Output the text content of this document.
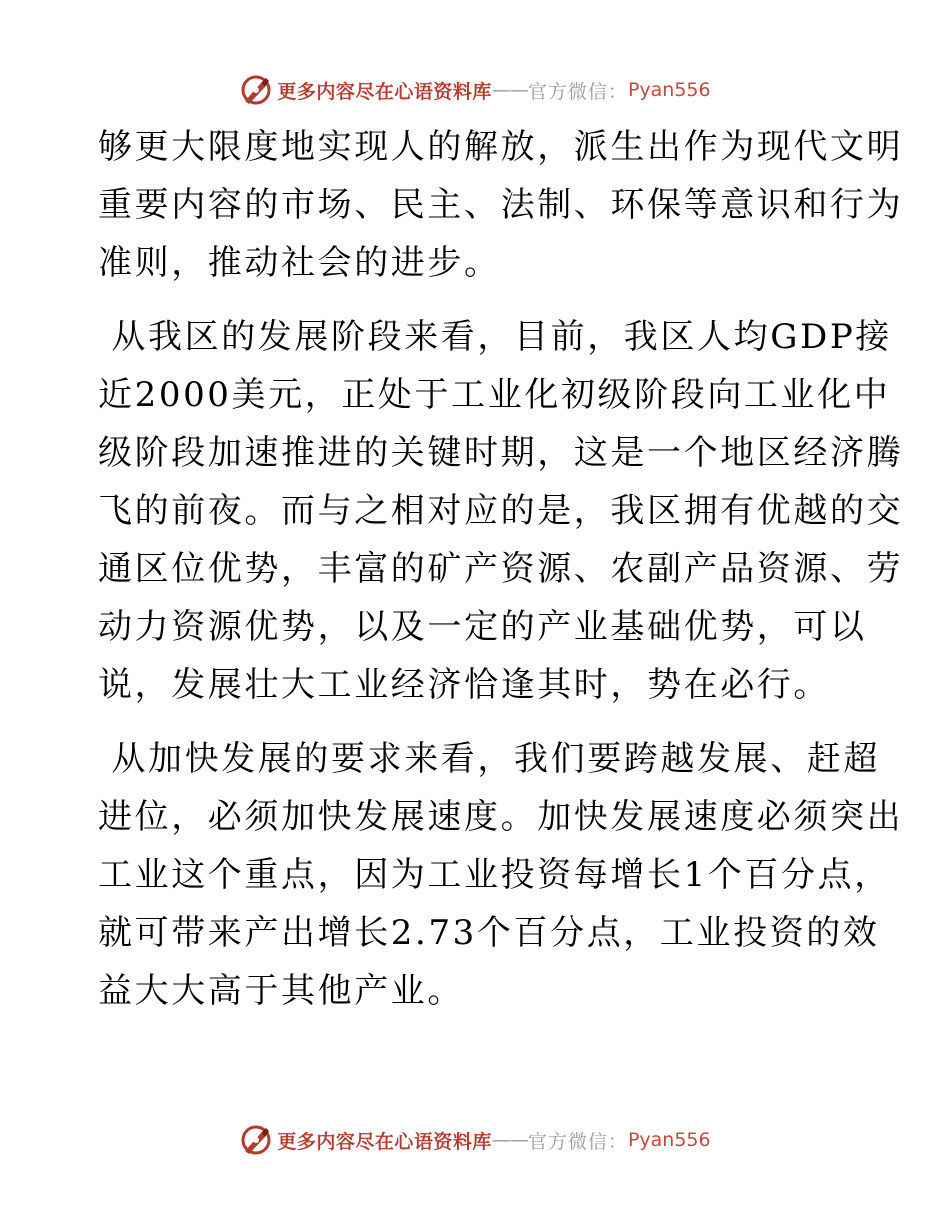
更多内容尽在心语资料库 —— 官方微信： Pyan556

够更大限度地实现人的解放，派生出作为现代文明
重要内容的市场、民主、法制、环保等意识和行为
准则，推动社会的进步。

从我区的发展阶段来看，目前，我区人均GDP接
近2000美元，正处于工业化初级阶段向工业化中
级阶段加速推进的关键时期，这是一个地区经济腾
飞的前夜。而与之相对应的是，我区拥有优越的交
通区位优势，丰富的矿产资源、农副产品资源、劳
动力资源优势，以及一定的产业基础优势，可以
说，发展壮大工业经济恰逢其时，势在必行。

从加快发展的要求来看，我们要跨越发展、赶超
进位，必须加快发展速度。加快发展速度必须突出
工业这个重点，因为工业投资每增长1个百分点，
就可带来产出增长2.73个百分点，工业投资的效
益大大高于其他产业。

更多内容尽在心语资料库 —— 官方微信： Pyan556
